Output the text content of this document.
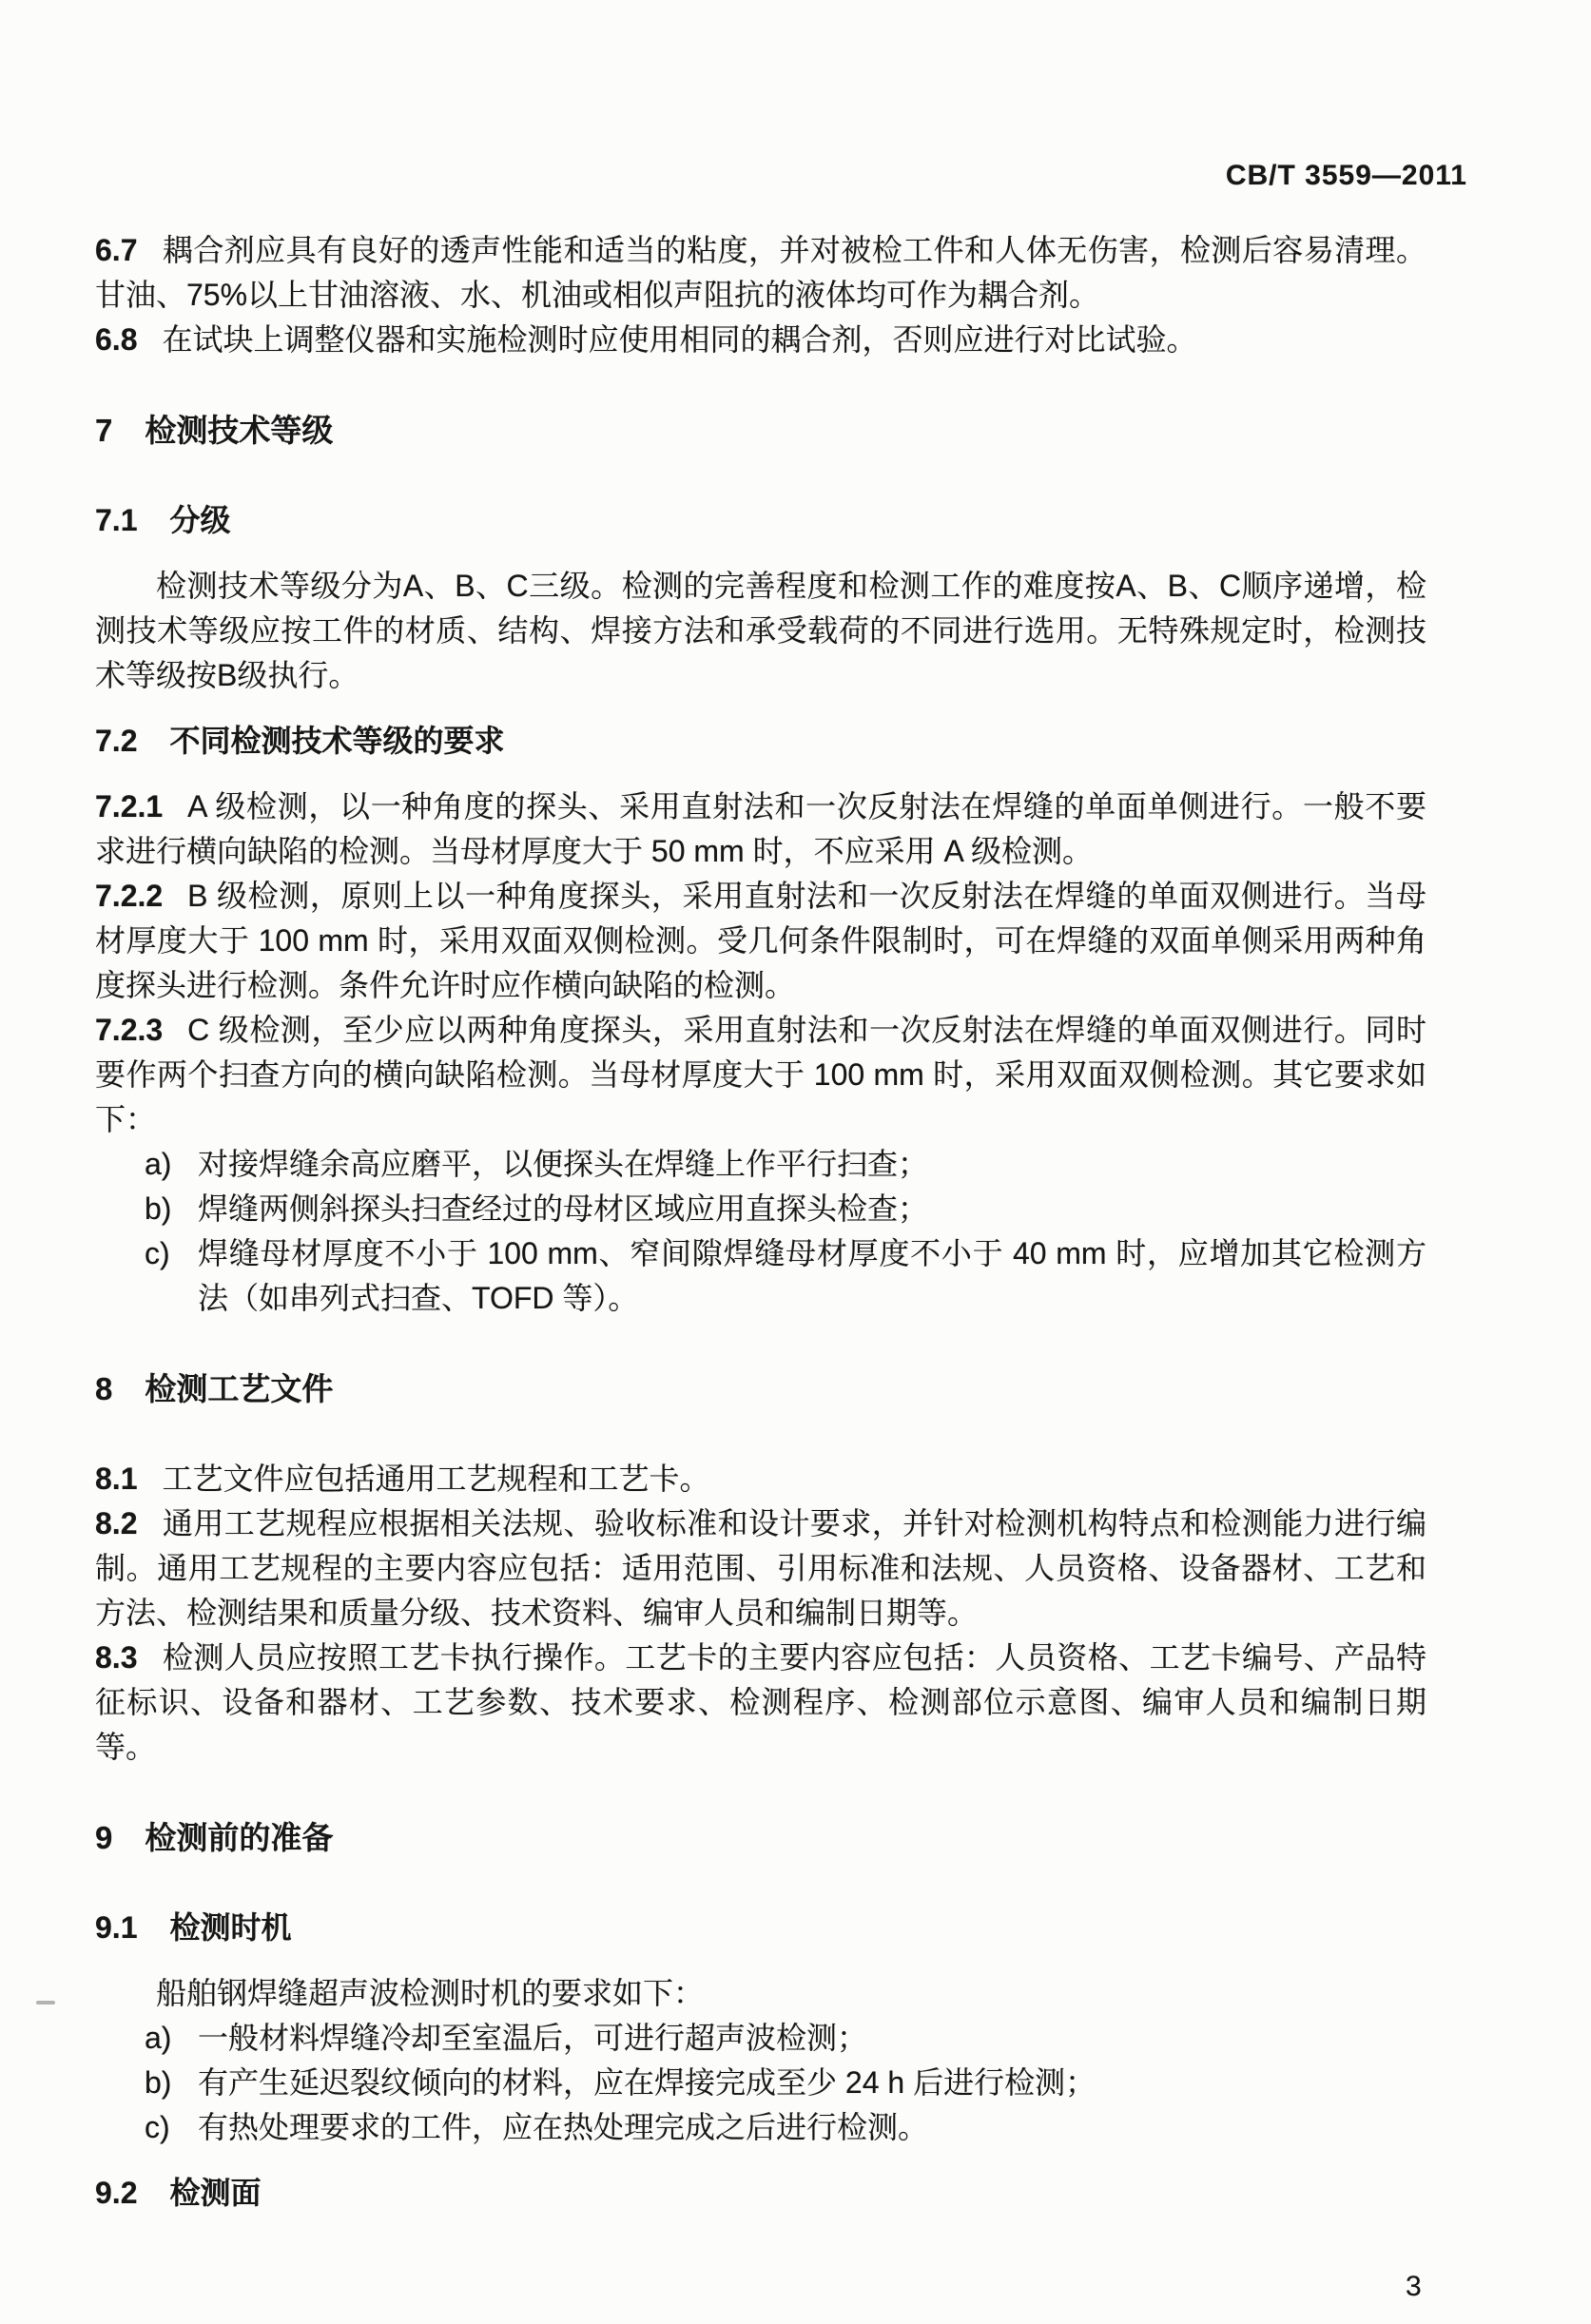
CB/T 3559—2011

6.7 耦合剂应具有良好的透声性能和适当的粘度，并对被检工件和人体无伤害，检测后容易清理。甘油、75%以上甘油溶液、水、机油或相似声阻抗的液体均可作为耦合剂。

6.8 在试块上调整仪器和实施检测时应使用相同的耦合剂，否则应进行对比试验。

7 检测技术等级
7.1 分级

检测技术等级分为A、B、C三级。检测的完善程度和检测工作的难度按A、B、C顺序递增，检测技术等级应按工件的材质、结构、焊接方法和承受载荷的不同进行选用。无特殊规定时，检测技术等级按B级执行。

7.2 不同检测技术等级的要求

7.2.1 A 级检测，以一种角度的探头、采用直射法和一次反射法在焊缝的单面单侧进行。一般不要求进行横向缺陷的检测。当母材厚度大于 50 mm 时，不应采用 A 级检测。

7.2.2 B 级检测，原则上以一种角度探头，采用直射法和一次反射法在焊缝的单面双侧进行。当母材厚度大于 100 mm 时，采用双面双侧检测。受几何条件限制时，可在焊缝的双面单侧采用两种角度探头进行检测。条件允许时应作横向缺陷的检测。

7.2.3 C 级检测，至少应以两种角度探头，采用直射法和一次反射法在焊缝的单面双侧进行。同时要作两个扫查方向的横向缺陷检测。当母材厚度大于 100 mm 时，采用双面双侧检测。其它要求如下：

a) 对接焊缝余高应磨平，以便探头在焊缝上作平行扫查；
b) 焊缝两侧斜探头扫查经过的母材区域应用直探头检查；
c) 焊缝母材厚度不小于 100 mm、窄间隙焊缝母材厚度不小于 40 mm 时，应增加其它检测方法（如串列式扫查、TOFD 等）。
8 检测工艺文件

8.1 工艺文件应包括通用工艺规程和工艺卡。

8.2 通用工艺规程应根据相关法规、验收标准和设计要求，并针对检测机构特点和检测能力进行编制。通用工艺规程的主要内容应包括：适用范围、引用标准和法规、人员资格、设备器材、工艺和方法、检测结果和质量分级、技术资料、编审人员和编制日期等。

8.3 检测人员应按照工艺卡执行操作。工艺卡的主要内容应包括：人员资格、工艺卡编号、产品特征标识、设备和器材、工艺参数、技术要求、检测程序、检测部位示意图、编审人员和编制日期等。

9 检测前的准备
9.1 检测时机

船舶钢焊缝超声波检测时机的要求如下：

a) 一般材料焊缝冷却至室温后，可进行超声波检测；
b) 有产生延迟裂纹倾向的材料，应在焊接完成至少 24 h 后进行检测；
c) 有热处理要求的工件，应在热处理完成之后进行检测。
9.2 检测面
3
